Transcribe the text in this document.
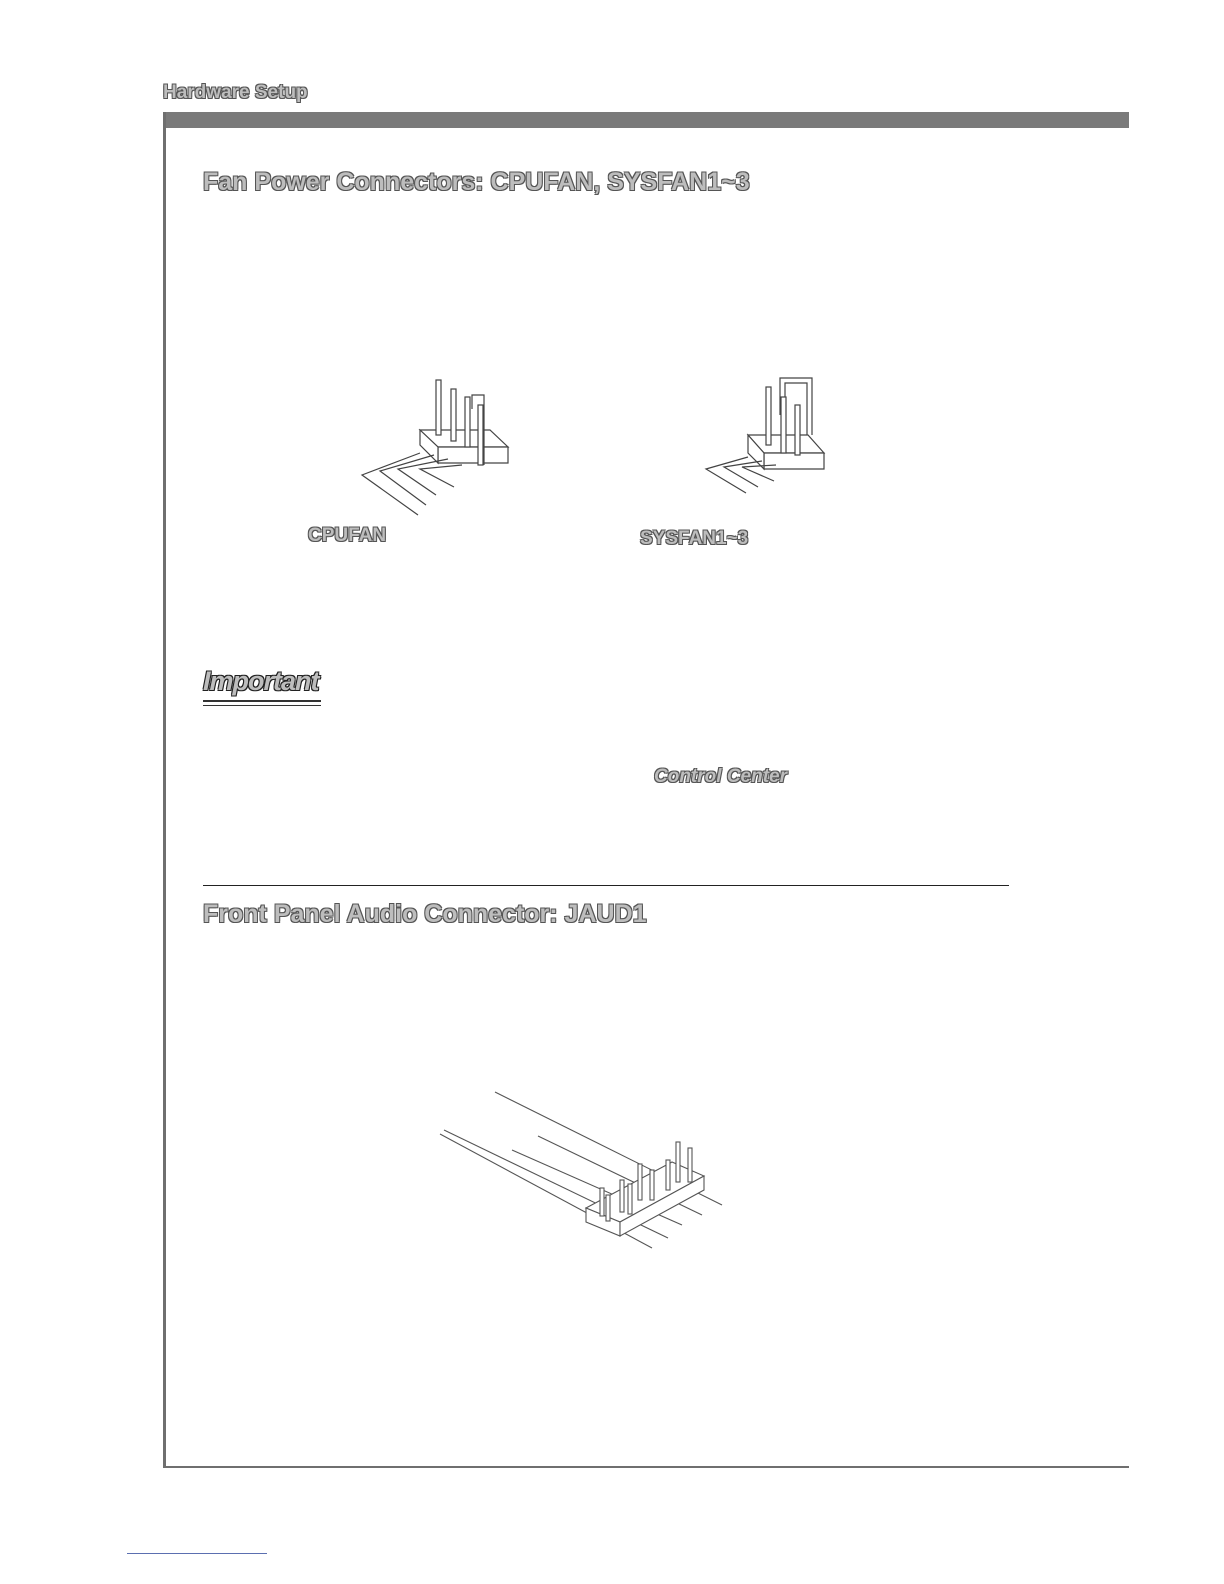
Hardware Setup
Fan Power Connectors: CPUFAN, SYSFAN1~3
CPUFAN	SYSFAN1~3
Important
Control Center
Front Panel Audio Connector: JAUD1
